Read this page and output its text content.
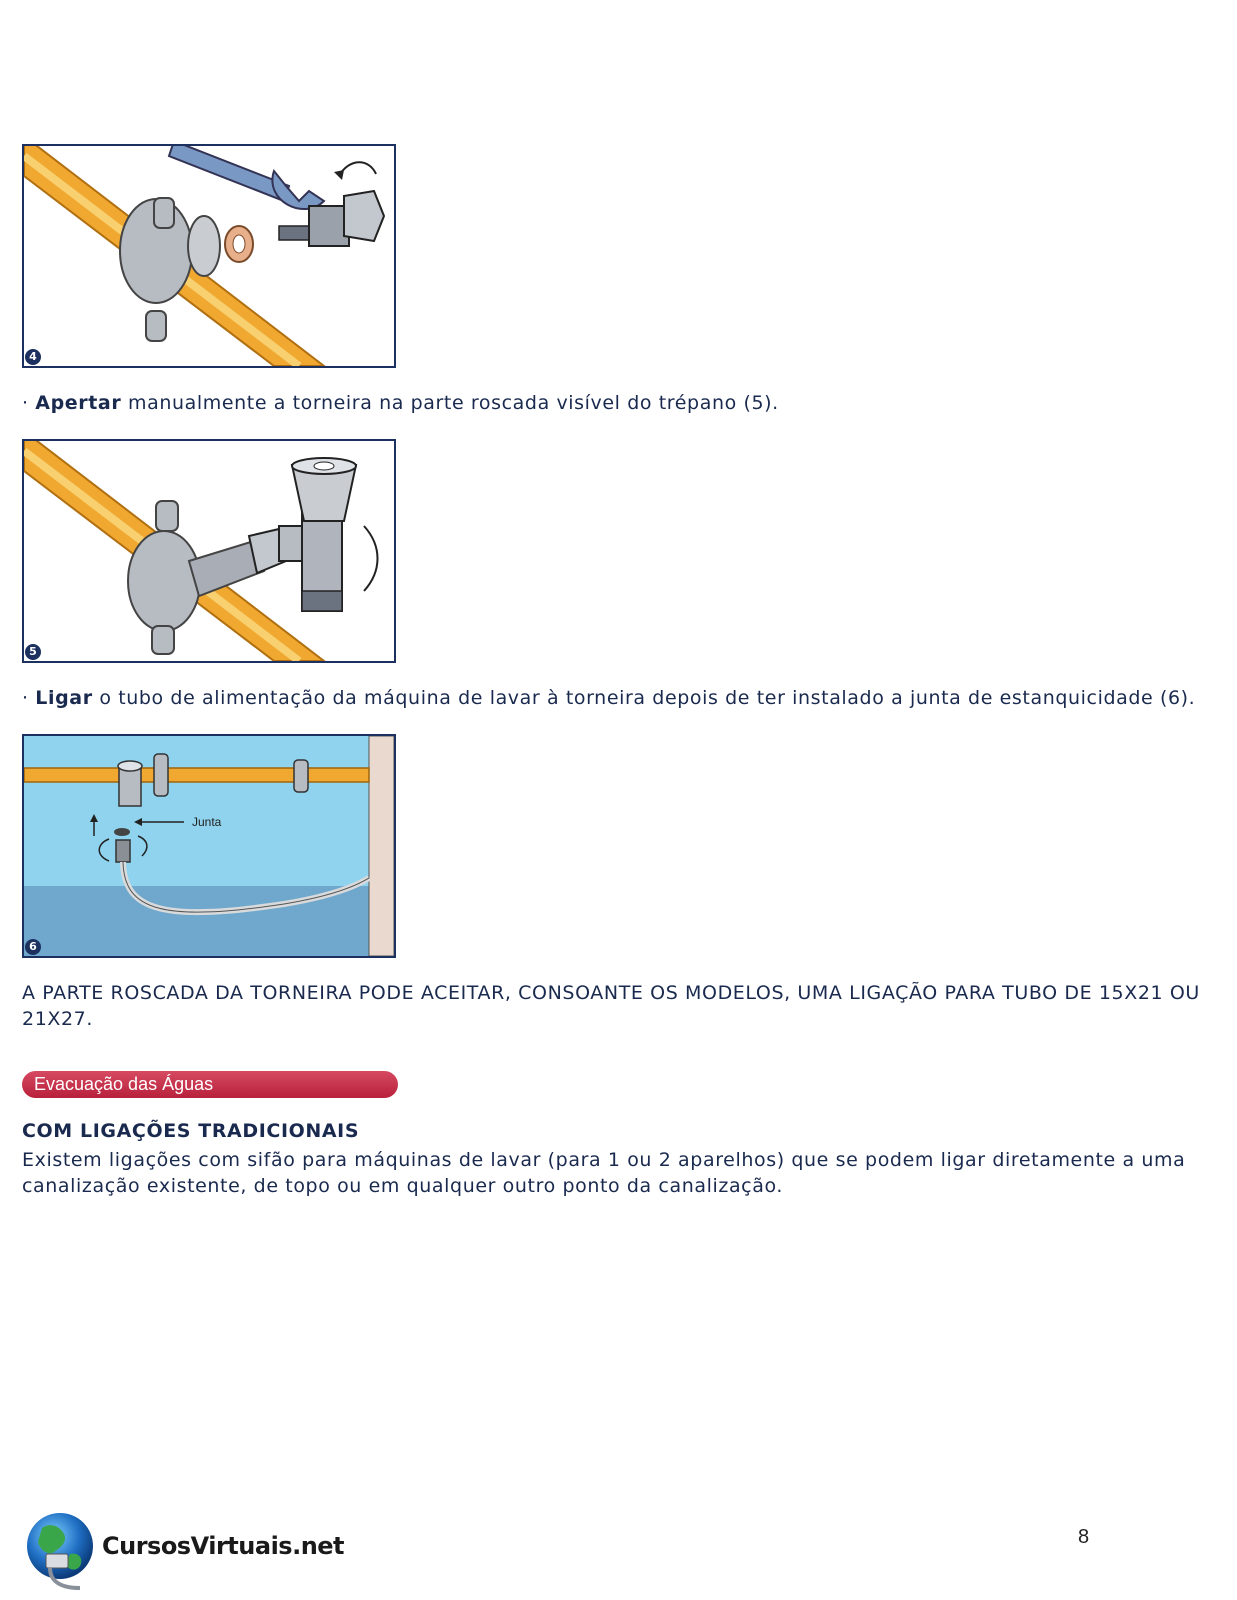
4

· Apertar manualmente a torneira na parte roscada visível do trépano (5).

5

· Ligar o tubo de alimentação da máquina de lavar à torneira depois de ter instalado a junta de estanquicidade (6).

Junta
6

A PARTE ROSCADA DA TORNEIRA PODE ACEITAR, CONSOANTE OS MODELOS, UMA LIGAÇÃO PARA TUBO DE 15X21 OU 21X27.

Evacuação das Águas
COM LIGAÇÕES TRADICIONAIS

Existem ligações com sifão para máquinas de lavar (para 1 ou 2 aparelhos) que se podem ligar diretamente a uma canalização existente, de topo ou em qualquer outro ponto da canalização.

CursosVirtuais.net	8
